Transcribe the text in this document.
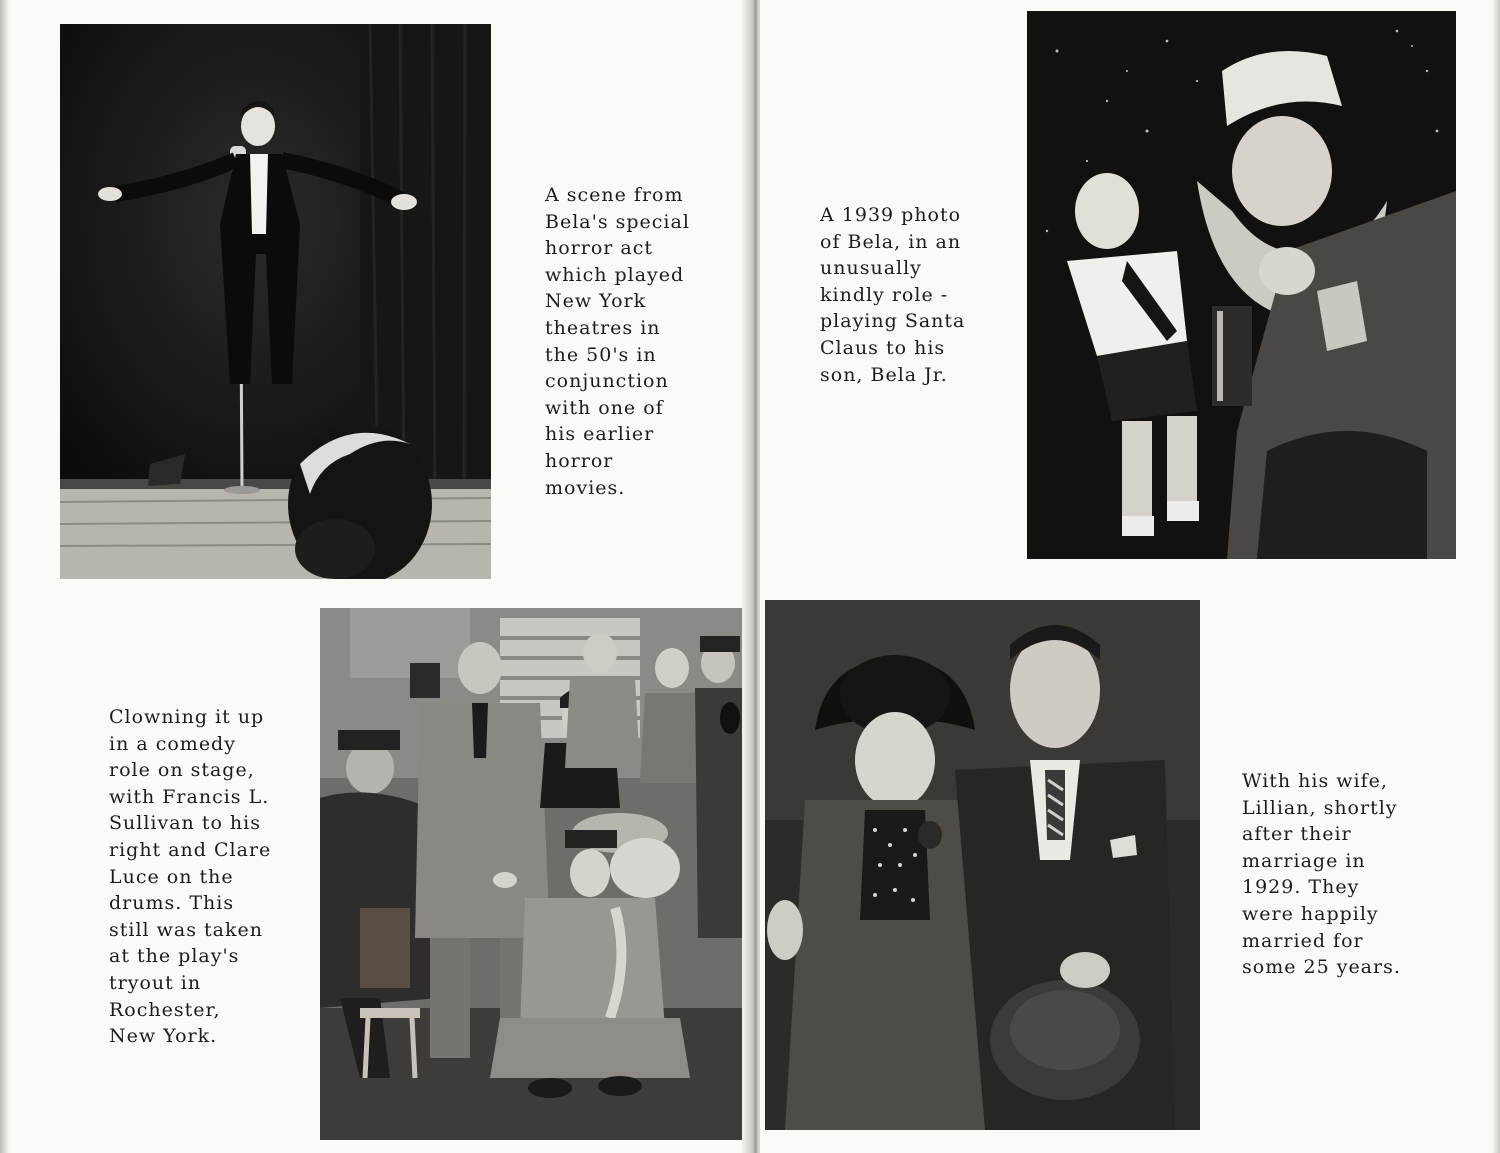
A scene from
Bela's special
horror act
which played
New York
theatres in
the 50's in
conjunction
with one of
his earlier
horror
movies.

Clowning it up
in a comedy
role on stage,
with Francis L.
Sullivan to his
right and Clare
Luce on the
drums. This
still was taken
at the play's
tryout in
Rochester,
New York.

A 1939 photo
of Bela, in an
unusually
kindly role -
playing Santa
Claus to his
son, Bela Jr.

With his wife,
Lillian, shortly
after their
marriage in
1929. They
were happily
married for
some 25 years.
